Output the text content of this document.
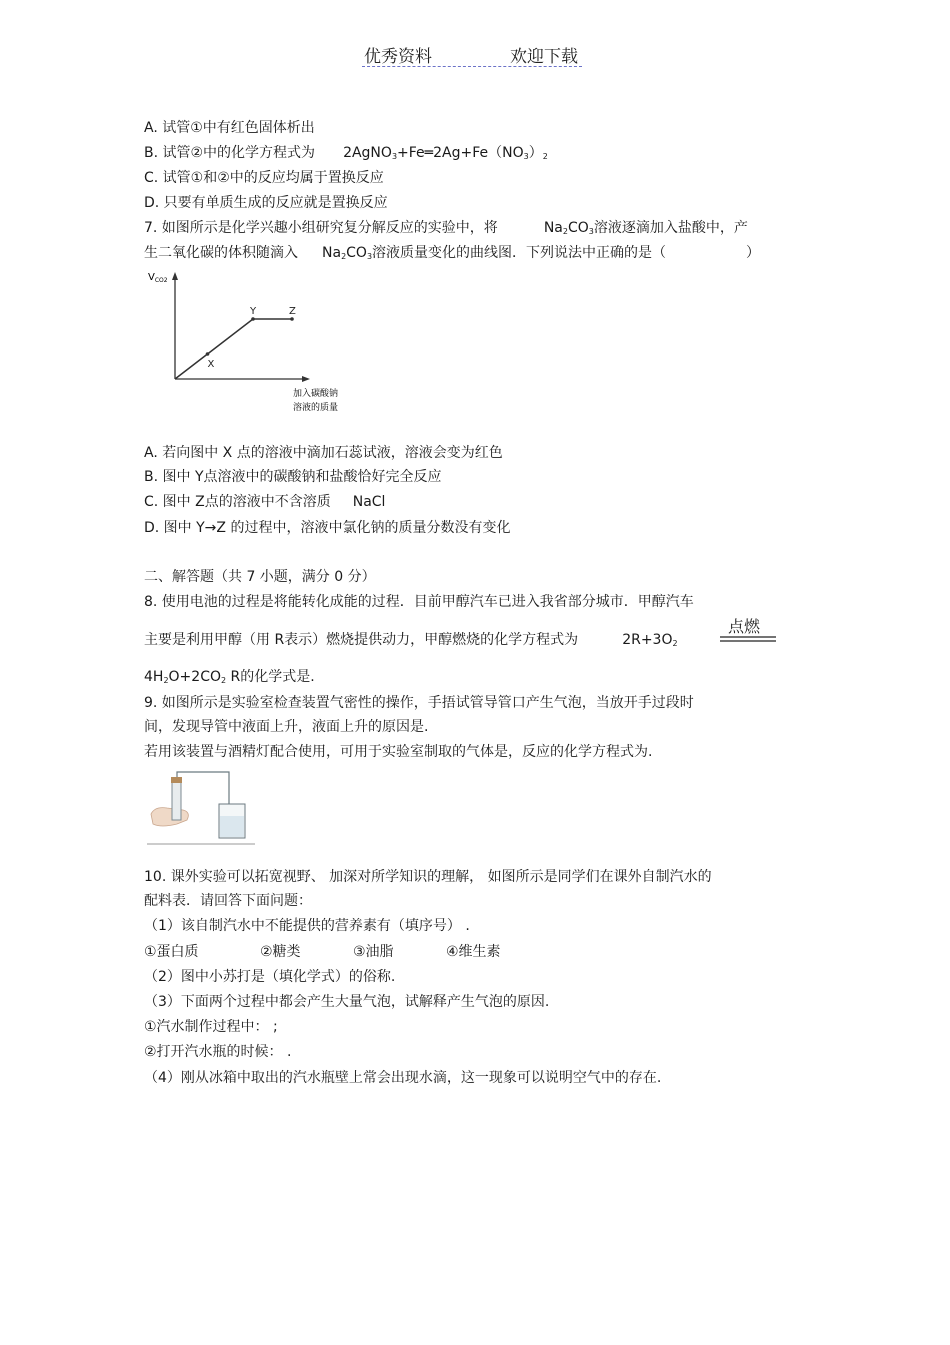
优秀资料	欢迎下载
A. 试管①中有红色固体析出
B. 试管②中的化学方程式为 $2AgNO_3+Fe═2Ag+Fe(NO_3)_2$
C. 试管①和②中的反应均属于置换反应
D. 只要有单质生成的反应就是置换反应
7. 如图所示是化学兴趣小组研究复分解反应的实验中，将	$Na_2CO_3$溶液逐滴加入盐酸中，产
生二氧化碳的体积随滴入 $Na_2CO_3$溶液质量变化的曲线图．下列说法中正确的是（	）
$V_{CO2}$
加入碳酸钠
溶液的质量
X
Y	Z
A. 若向图中 X 点的溶液中滴加石蕊试液，溶液会变为红色
B. 图中 Y点溶液中的碳酸钠和盐酸恰好完全反应
C. 图中 Z点的溶液中不含溶质 NaCl
D. 图中 Y→Z 的过程中，溶液中氯化钠的质量分数没有变化
二、解答题（共 7 小题，满分 0 分）
8. 使用电池的过程是将能转化成能的过程．目前甲醇汽车已进入我省部分城市．甲醇汽车
主要是利用甲醇（用 R表示）燃烧提供动力，甲醇燃烧的化学方程式为	$2R+3O_2$
点燃
$4H_2O+2CO_2$ R的化学式是.
9. 如图所示是实验室检查装置气密性的操作，手捂试管导管口产生气泡，当放开手过段时
间，发现导管中液面上升，液面上升的原因是.
若用该装置与酒精灯配合使用，可用于实验室制取的气体是，反应的化学方程式为.
10. 课外实验可以拓宽视野、 加深对所学知识的理解， 如图所示是同学们在课外自制汽水的
配料表．请回答下面问题：
（1）该自制汽水中不能提供的营养素有（填序号） .
①蛋白质	②糖类	③油脂	④维生素
（2）图中小苏打是（填化学式）的俗称.
（3）下面两个过程中都会产生大量气泡，试解释产生气泡的原因.
①汽水制作过程中： ;
②打开汽水瓶的时候： .
（4）刚从冰箱中取出的汽水瓶壁上常会出现水滴，这一现象可以说明空气中的存在.
